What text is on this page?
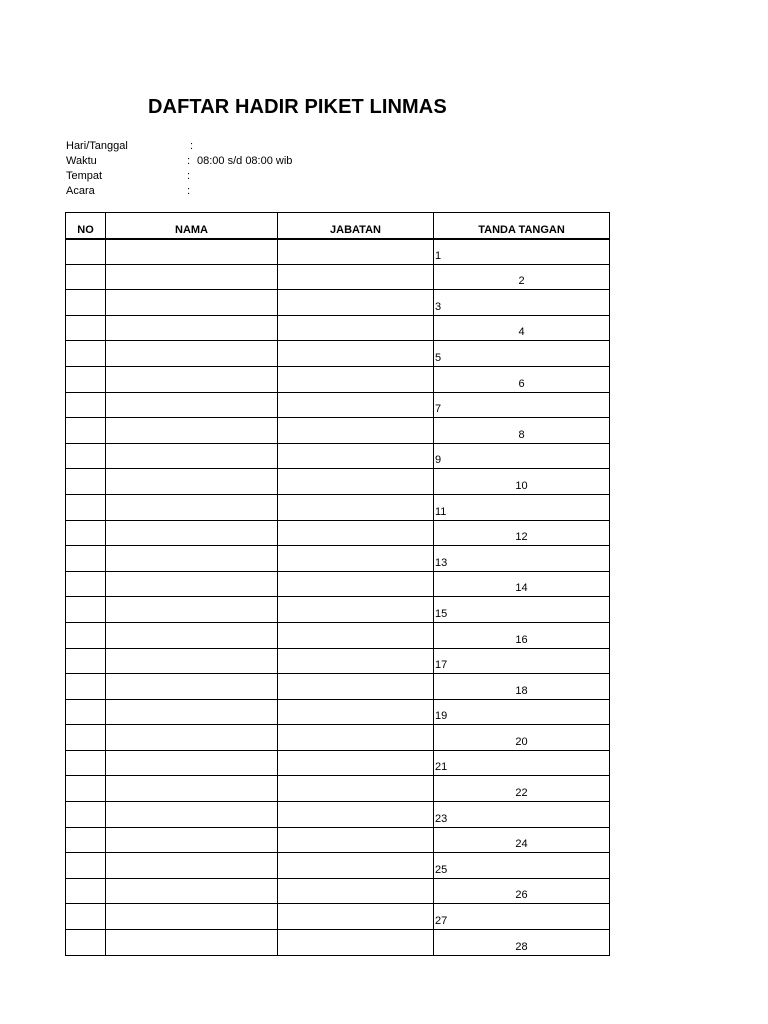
DAFTAR HADIR PIKET LINMAS
Hari/Tanggal	:
Waktu	: 08:00 s/d 08:00 wib
Tempat	:
Acara	:
NO	NAMA	JABATAN	TANDA TANGAN

			1

			2

			3

			4

			5

			6

			7

			8

			9

			10

			11

			12

			13

			14

			15

			16

			17

			18

			19

			20

			21

			22

			23

			24

			25

			26

			27

			28
